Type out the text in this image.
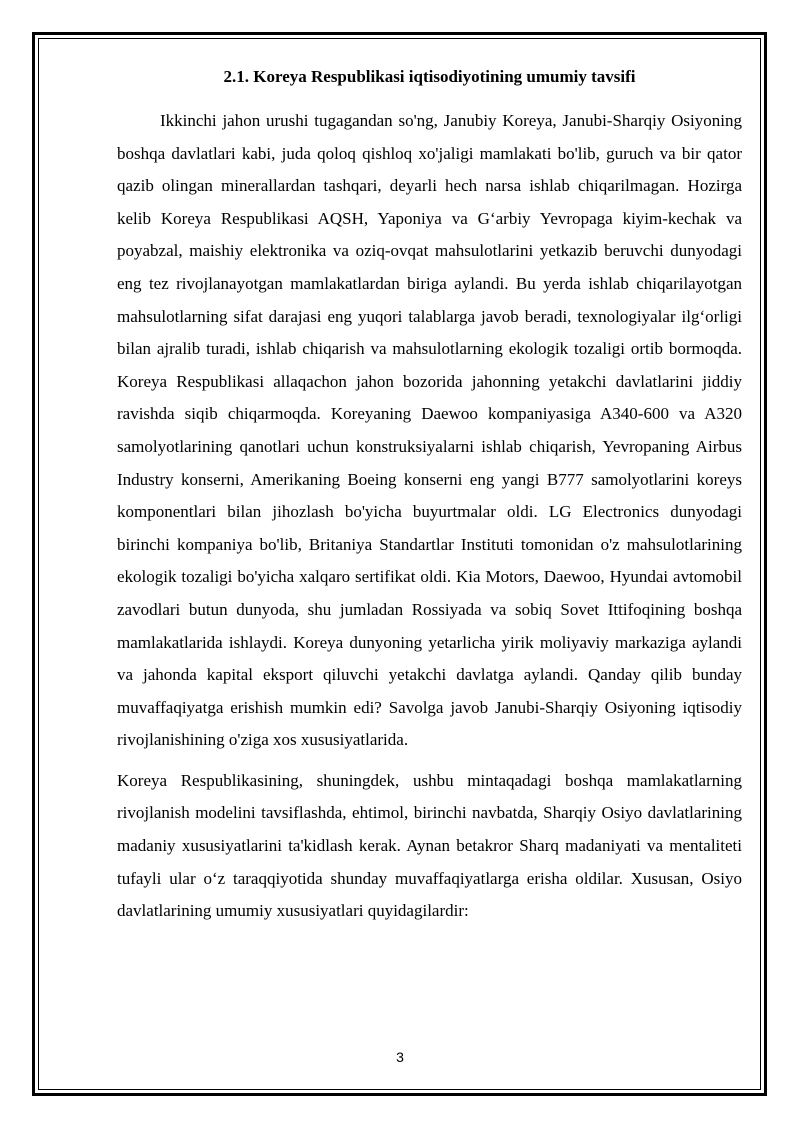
2.1. Koreya Respublikasi iqtisodiyotining umumiy tavsifi

Ikkinchi jahon urushi tugagandan so'ng, Janubiy Koreya, Janubi-Sharqiy Osiyoning boshqa davlatlari kabi, juda qoloq qishloq xo'jaligi mamlakati bo'lib, guruch va bir qator qazib olingan minerallardan tashqari, deyarli hech narsa ishlab chiqarilmagan. Hozirga kelib Koreya Respublikasi AQSH, Yaponiya va G‘arbiy Yevropaga kiyim-kechak va poyabzal, maishiy elektronika va oziq-ovqat mahsulotlarini yetkazib beruvchi dunyodagi eng tez rivojlanayotgan mamlakatlardan biriga aylandi. Bu yerda ishlab chiqarilayotgan mahsulotlarning sifat darajasi eng yuqori talablarga javob beradi, texnologiyalar ilg‘orligi bilan ajralib turadi, ishlab chiqarish va mahsulotlarning ekologik tozaligi ortib bormoqda. Koreya Respublikasi allaqachon jahon bozorida jahonning yetakchi davlatlarini jiddiy ravishda siqib chiqarmoqda. Koreyaning Daewoo kompaniyasiga A340-600 va A320 samolyotlarining qanotlari uchun konstruksiyalarni ishlab chiqarish, Yevropaning Airbus Industry konserni, Amerikaning Boeing konserni eng yangi B777 samolyotlarini koreys komponentlari bilan jihozlash bo'yicha buyurtmalar oldi. LG Electronics dunyodagi birinchi kompaniya bo'lib, Britaniya Standartlar Instituti tomonidan o'z mahsulotlarining ekologik tozaligi bo'yicha xalqaro sertifikat oldi. Kia Motors, Daewoo, Hyundai avtomobil zavodlari butun dunyoda, shu jumladan Rossiyada va sobiq Sovet Ittifoqining boshqa mamlakatlarida ishlaydi. Koreya dunyoning yetarlicha yirik moliyaviy markaziga aylandi va jahonda kapital eksport qiluvchi yetakchi davlatga aylandi. Qanday qilib bunday muvaffaqiyatga erishish mumkin edi? Savolga javob Janubi-Sharqiy Osiyoning iqtisodiy rivojlanishining o'ziga xos xususiyatlarida.

Koreya Respublikasining, shuningdek, ushbu mintaqadagi boshqa mamlakatlarning rivojlanish modelini tavsiflashda, ehtimol, birinchi navbatda, Sharqiy Osiyo davlatlarining madaniy xususiyatlarini ta'kidlash kerak. Aynan betakror Sharq madaniyati va mentaliteti tufayli ular o‘z taraqqiyotida shunday muvaffaqiyatlarga erisha oldilar. Xususan, Osiyo davlatlarining umumiy xususiyatlari quyidagilardir:

3
